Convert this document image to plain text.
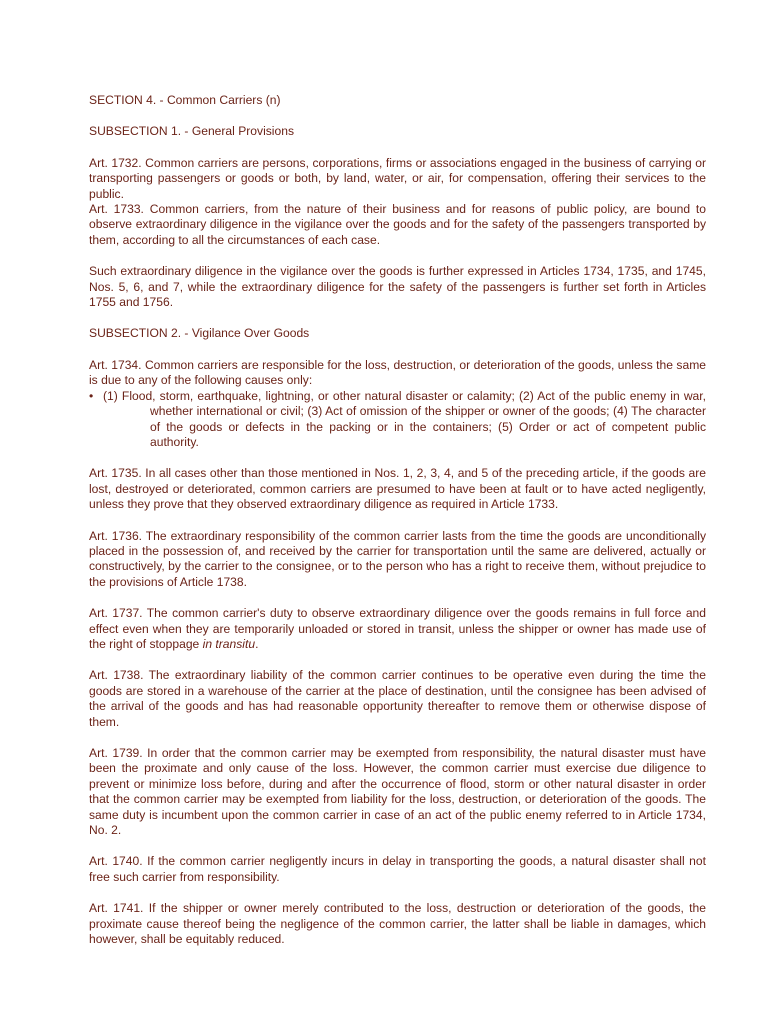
SECTION 4. - Common Carriers (n)
SUBSECTION 1. - General Provisions
Art. 1732. Common carriers are persons, corporations, firms or associations engaged in the business of carrying or transporting passengers or goods or both, by land, water, or air, for compensation, offering their services to the public.
Art. 1733. Common carriers, from the nature of their business and for reasons of public policy, are bound to observe extraordinary diligence in the vigilance over the goods and for the safety of the passengers transported by them, according to all the circumstances of each case.
Such extraordinary diligence in the vigilance over the goods is further expressed in Articles 1734, 1735, and 1745, Nos. 5, 6, and 7, while the extraordinary diligence for the safety of the passengers is further set forth in Articles 1755 and 1756.
SUBSECTION 2. - Vigilance Over Goods
Art. 1734. Common carriers are responsible for the loss, destruction, or deterioration of the goods, unless the same is due to any of the following causes only:
• (1) Flood, storm, earthquake, lightning, or other natural disaster or calamity; (2) Act of the public enemy in war, whether international or civil; (3) Act of omission of the shipper or owner of the goods; (4) The character of the goods or defects in the packing or in the containers; (5) Order or act of competent public authority.
Art. 1735. In all cases other than those mentioned in Nos. 1, 2, 3, 4, and 5 of the preceding article, if the goods are lost, destroyed or deteriorated, common carriers are presumed to have been at fault or to have acted negligently, unless they prove that they observed extraordinary diligence as required in Article 1733.
Art. 1736. The extraordinary responsibility of the common carrier lasts from the time the goods are unconditionally placed in the possession of, and received by the carrier for transportation until the same are delivered, actually or constructively, by the carrier to the consignee, or to the person who has a right to receive them, without prejudice to the provisions of Article 1738.
Art. 1737. The common carrier's duty to observe extraordinary diligence over the goods remains in full force and effect even when they are temporarily unloaded or stored in transit, unless the shipper or owner has made use of the right of stoppage in transitu.
Art. 1738. The extraordinary liability of the common carrier continues to be operative even during the time the goods are stored in a warehouse of the carrier at the place of destination, until the consignee has been advised of the arrival of the goods and has had reasonable opportunity thereafter to remove them or otherwise dispose of them.
Art. 1739. In order that the common carrier may be exempted from responsibility, the natural disaster must have been the proximate and only cause of the loss. However, the common carrier must exercise due diligence to prevent or minimize loss before, during and after the occurrence of flood, storm or other natural disaster in order that the common carrier may be exempted from liability for the loss, destruction, or deterioration of the goods. The same duty is incumbent upon the common carrier in case of an act of the public enemy referred to in Article 1734, No. 2.
Art. 1740. If the common carrier negligently incurs in delay in transporting the goods, a natural disaster shall not free such carrier from responsibility.
Art. 1741. If the shipper or owner merely contributed to the loss, destruction or deterioration of the goods, the proximate cause thereof being the negligence of the common carrier, the latter shall be liable in damages, which however, shall be equitably reduced.
